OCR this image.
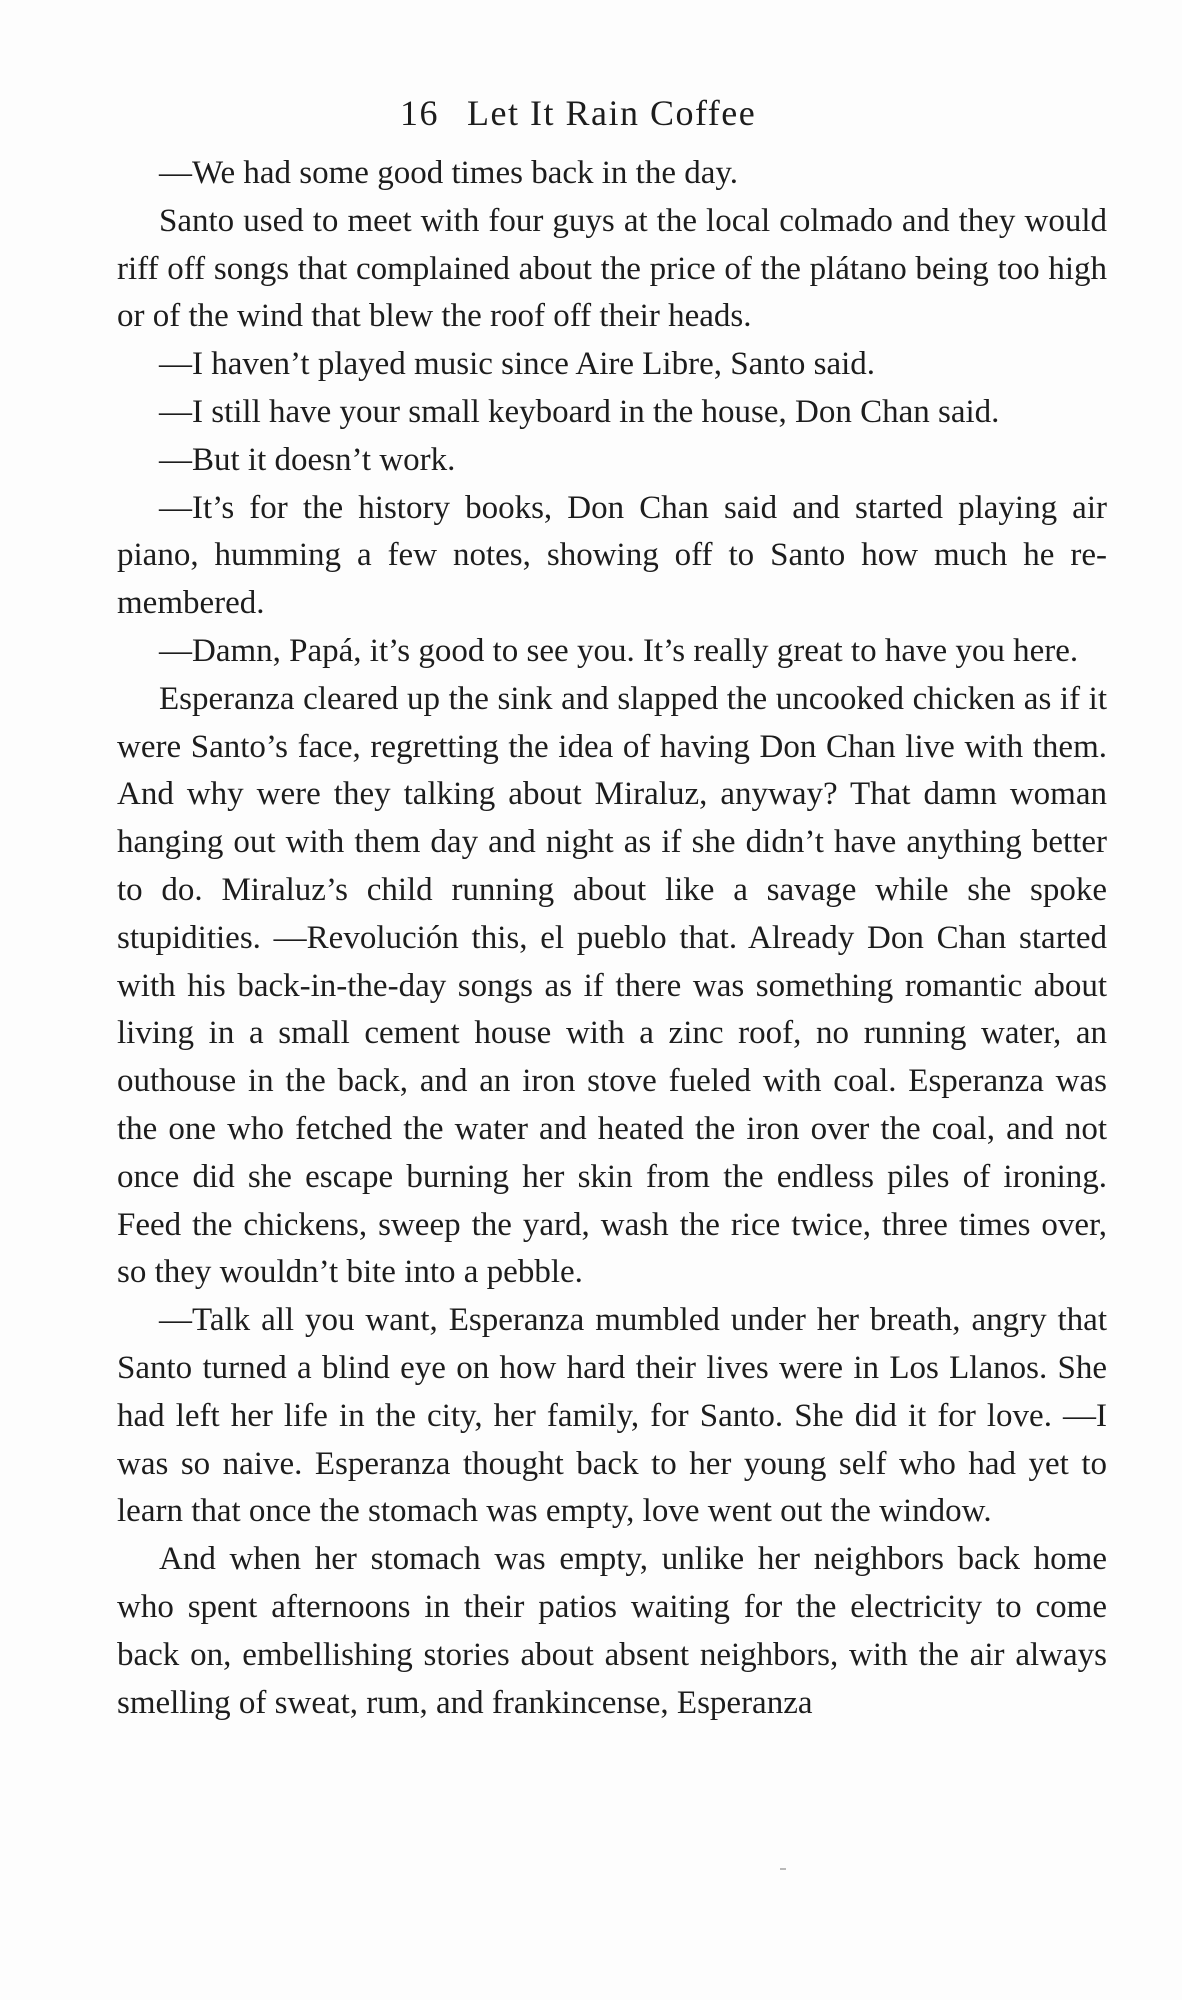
16 Let It Rain Coffee

—We had some good times back in the day.

Santo used to meet with four guys at the local colmado and they would riff off songs that complained about the price of the plátano being too high or of the wind that blew the roof off their heads.

—I haven’t played music since Aire Libre, Santo said.

—I still have your small keyboard in the house, Don Chan said.

—But it doesn’t work.

—It’s for the history books, Don Chan said and started playing air piano, humming a few notes, showing off to Santo how much he remembered.

—Damn, Papá, it’s good to see you. It’s really great to have you here.

Esperanza cleared up the sink and slapped the uncooked chicken as if it were Santo’s face, regretting the idea of having Don Chan live with them. And why were they talking about Miraluz, anyway? That damn woman hanging out with them day and night as if she didn’t have anything better to do. Miraluz’s child running about like a savage while she spoke stupidities. —Revolución this, el pueblo that. Already Don Chan started with his back-in-the-day songs as if there was something romantic about living in a small cement house with a zinc roof, no running water, an outhouse in the back, and an iron stove fueled with coal. Esperanza was the one who fetched the water and heated the iron over the coal, and not once did she escape burning her skin from the endless piles of ironing. Feed the chickens, sweep the yard, wash the rice twice, three times over, so they wouldn’t bite into a pebble.

—Talk all you want, Esperanza mumbled under her breath, angry that Santo turned a blind eye on how hard their lives were in Los Llanos. She had left her life in the city, her family, for Santo. She did it for love. —I was so naive. Esperanza thought back to her young self who had yet to learn that once the stomach was empty, love went out the window.

And when her stomach was empty, unlike her neighbors back home who spent afternoons in their patios waiting for the electricity to come back on, embellishing stories about absent neighbors, with the air always smelling of sweat, rum, and frankincense, Esperanza
